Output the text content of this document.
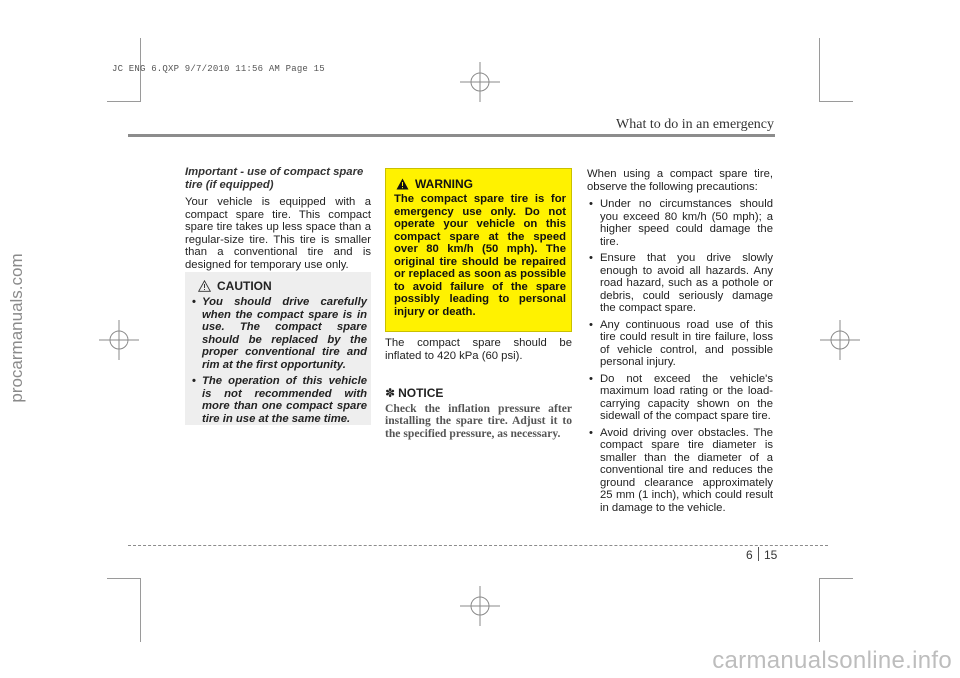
JC ENG 6.QXP 9/7/2010 11:56 AM Page 15
procarmanuals.com
carmanualsonline.info
What to do in an emergency

Important - use of compact spare tire (if equipped)

Your vehicle is equipped with a compact spare tire. This compact spare tire takes up less space than a regular-size tire. This tire is smaller than a conventional tire and is designed for temporary use only.

CAUTION
• You should drive carefully when the compact spare is in use. The compact spare should be replaced by the proper conventional tire and rim at the first opportunity.
• The operation of this vehicle is not recommended with more than one compact spare tire in use at the same time.
WARNING

The compact spare tire is for emergency use only. Do not operate your vehicle on this compact spare at the speed over 80 km/h (50 mph). The original tire should be repaired or replaced as soon as possible to avoid failure of the spare possibly leading to personal injury or death.

The compact spare should be inflated to 420 kPa (60 psi).

✽ NOTICE

Check the inflation pressure after installing the spare tire. Adjust it to the specified pressure, as necessary.

When using a compact spare tire, observe the following precautions:

• Under no circumstances should you exceed 80 km/h (50 mph); a higher speed could damage the tire.
• Ensure that you drive slowly enough to avoid all hazards. Any road hazard, such as a pothole or debris, could seriously damage the compact spare.
• Any continuous road use of this tire could result in tire failure, loss of vehicle control, and possible personal injury.
• Do not exceed the vehicle's maximum load rating or the load-carrying capacity shown on the sidewall of the compact spare tire.
• Avoid driving over obstacles. The compact spare tire diameter is smaller than the diameter of a conventional tire and reduces the ground clearance approximately 25 mm (1 inch), which could result in damage to the vehicle.
6 15
